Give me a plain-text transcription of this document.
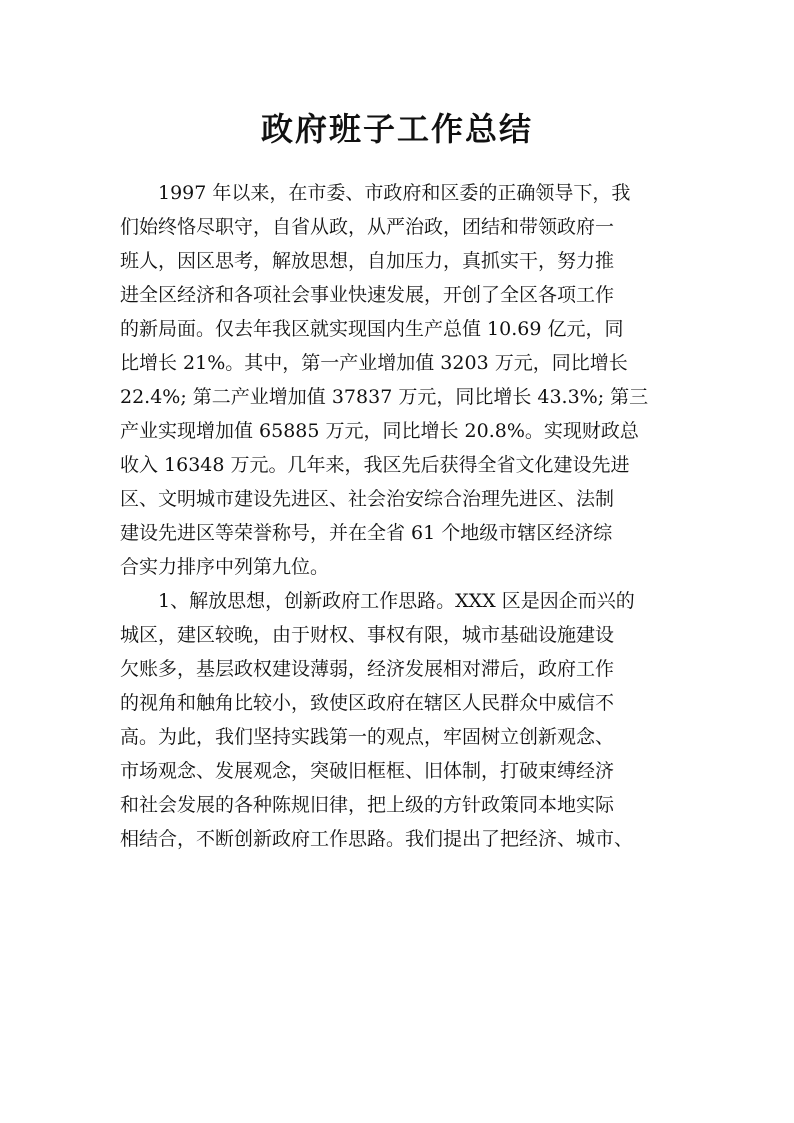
政府班子工作总结
1997 年以来，在市委、市政府和区委的正确领导下，我
们始终恪尽职守，自省从政，从严治政，团结和带领政府一
班人，因区思考，解放思想，自加压力，真抓实干，努力推
进全区经济和各项社会事业快速发展，开创了全区各项工作
的新局面。仅去年我区就实现国内生产总值 10.69 亿元，同
比增长 21%。其中，第一产业增加值 3203 万元，同比增长
22.4%; 第二产业增加值 37837 万元，同比增长 43.3%; 第三
产业实现增加值 65885 万元，同比增长 20.8%。实现财政总
收入 16348 万元。几年来，我区先后获得全省文化建设先进
区、文明城市建设先进区、社会治安综合治理先进区、法制
建设先进区等荣誉称号，并在全省 61 个地级市辖区经济综
合实力排序中列第九位。
1、解放思想，创新政府工作思路。XXX 区是因企而兴的
城区，建区较晚，由于财权、事权有限，城市基础设施建设
欠账多，基层政权建设薄弱，经济发展相对滞后，政府工作
的视角和触角比较小，致使区政府在辖区人民群众中威信不
高。为此，我们坚持实践第一的观点，牢固树立创新观念、
市场观念、发展观念，突破旧框框、旧体制，打破束缚经济
和社会发展的各种陈规旧律，把上级的方针政策同本地实际
相结合，不断创新政府工作思路。我们提出了把经济、城市、
